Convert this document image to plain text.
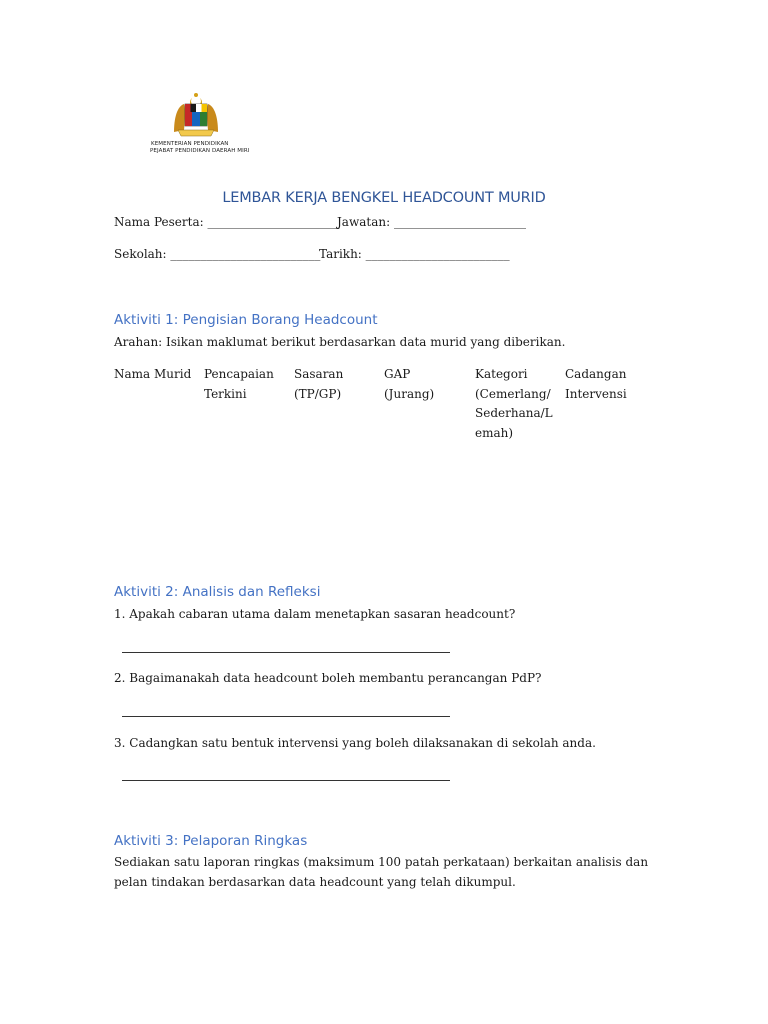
KEMENTERIAN PENDIDIKAN
PEJABAT PENDIDIKAN DAERAH MIRI
LEMBAR KERJA BENGKEL HEADCOUNT MURID
Nama Peserta: ______________________
Jawatan: ______________________
Sekolah: _________________________
Tarikh: ________________________
Aktiviti 1: Pengisian Borang Headcount
Arahan: Isikan maklumat berikut berdasarkan data murid yang diberikan.
Nama Murid	Pencapaian
Terkini
Sasaran
(TP/GP)
GAP
(Jurang)
Kategori
(Cemerlang/
Sederhana/L
emah)
Cadangan
Intervensi
Aktiviti 2: Analisis dan Refleksi
1. Apakah cabaran utama dalam menetapkan sasaran headcount?
2. Bagaimanakah data headcount boleh membantu perancangan PdP?
3. Cadangkan satu bentuk intervensi yang boleh dilaksanakan di sekolah anda.
Aktiviti 3: Pelaporan Ringkas
Sediakan satu laporan ringkas (maksimum 100 patah perkataan) berkaitan analisis dan
pelan tindakan berdasarkan data headcount yang telah dikumpul.
